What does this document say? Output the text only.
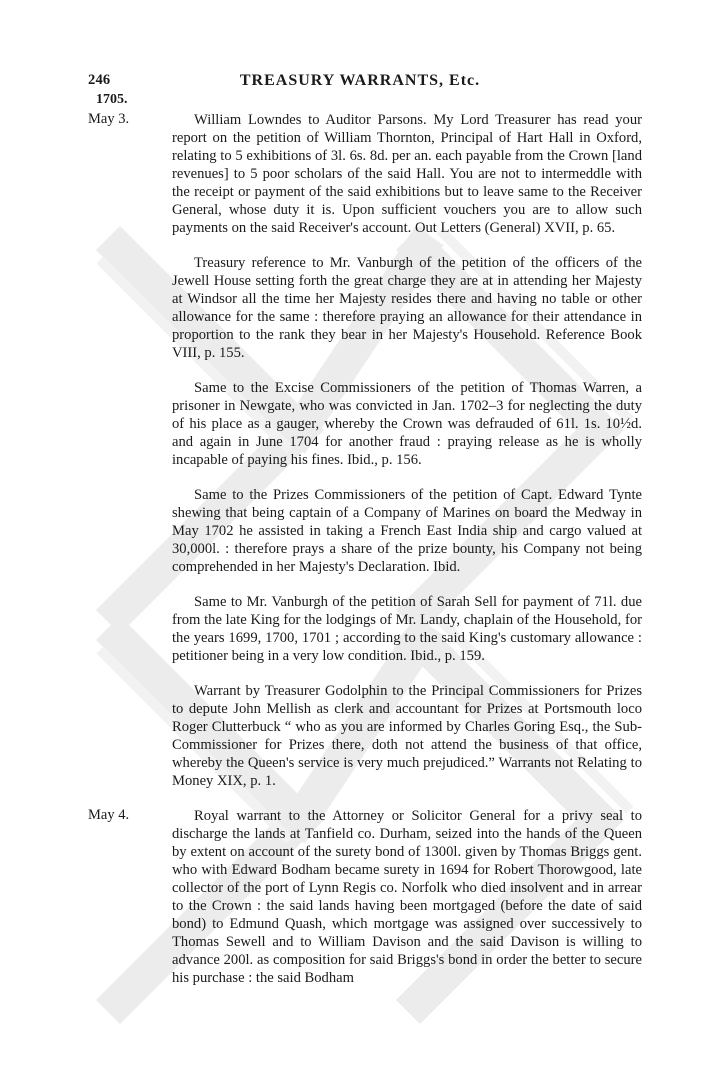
246	TREASURY WARRANTS, Etc.
1705.
May 3.
May 4.

William Lowndes to Auditor Parsons. My Lord Treasurer has read your report on the petition of William Thornton, Principal of Hart Hall in Oxford, relating to 5 exhibitions of 3l. 6s. 8d. per an. each payable from the Crown [land revenues] to 5 poor scholars of the said Hall. You are not to intermeddle with the receipt or payment of the said exhibitions but to leave same to the Receiver General, whose duty it is. Upon sufficient vouchers you are to allow such payments on the said Receiver's account. Out Letters (General) XVII, p. 65.

Treasury reference to Mr. Vanburgh of the petition of the officers of the Jewell House setting forth the great charge they are at in attending her Majesty at Windsor all the time her Majesty resides there and having no table or other allowance for the same : therefore praying an allowance for their attendance in proportion to the rank they bear in her Majesty's Household. Reference Book VIII, p. 155.

Same to the Excise Commissioners of the petition of Thomas Warren, a prisoner in Newgate, who was convicted in Jan. 1702–3 for neglecting the duty of his place as a gauger, whereby the Crown was defrauded of 61l. 1s. 10½d. and again in June 1704 for another fraud : praying release as he is wholly incapable of paying his fines. Ibid., p. 156.

Same to the Prizes Commissioners of the petition of Capt. Edward Tynte shewing that being captain of a Company of Marines on board the Medway in May 1702 he assisted in taking a French East India ship and cargo valued at 30,000l. : therefore prays a share of the prize bounty, his Company not being comprehended in her Majesty's Declaration. Ibid.

Same to Mr. Vanburgh of the petition of Sarah Sell for payment of 71l. due from the late King for the lodgings of Mr. Landy, chaplain of the Household, for the years 1699, 1700, 1701 ; according to the said King's customary allowance : petitioner being in a very low condition. Ibid., p. 159.

Warrant by Treasurer Godolphin to the Principal Commissioners for Prizes to depute John Mellish as clerk and accountant for Prizes at Portsmouth loco Roger Clutterbuck “ who as you are informed by Charles Goring Esq., the Sub-Commissioner for Prizes there, doth not attend the business of that office, whereby the Queen's service is very much prejudiced.” Warrants not Relating to Money XIX, p. 1.

Royal warrant to the Attorney or Solicitor General for a privy seal to discharge the lands at Tanfield co. Durham, seized into the hands of the Queen by extent on account of the surety bond of 1300l. given by Thomas Briggs gent. who with Edward Bodham became surety in 1694 for Robert Thorowgood, late collector of the port of Lynn Regis co. Norfolk who died insolvent and in arrear to the Crown : the said lands having been mortgaged (before the date of said bond) to Edmund Quash, which mortgage was assigned over successively to Thomas Sewell and to William Davison and the said Davison is willing to advance 200l. as composition for said Briggs's bond in order the better to secure his purchase : the said Bodham
